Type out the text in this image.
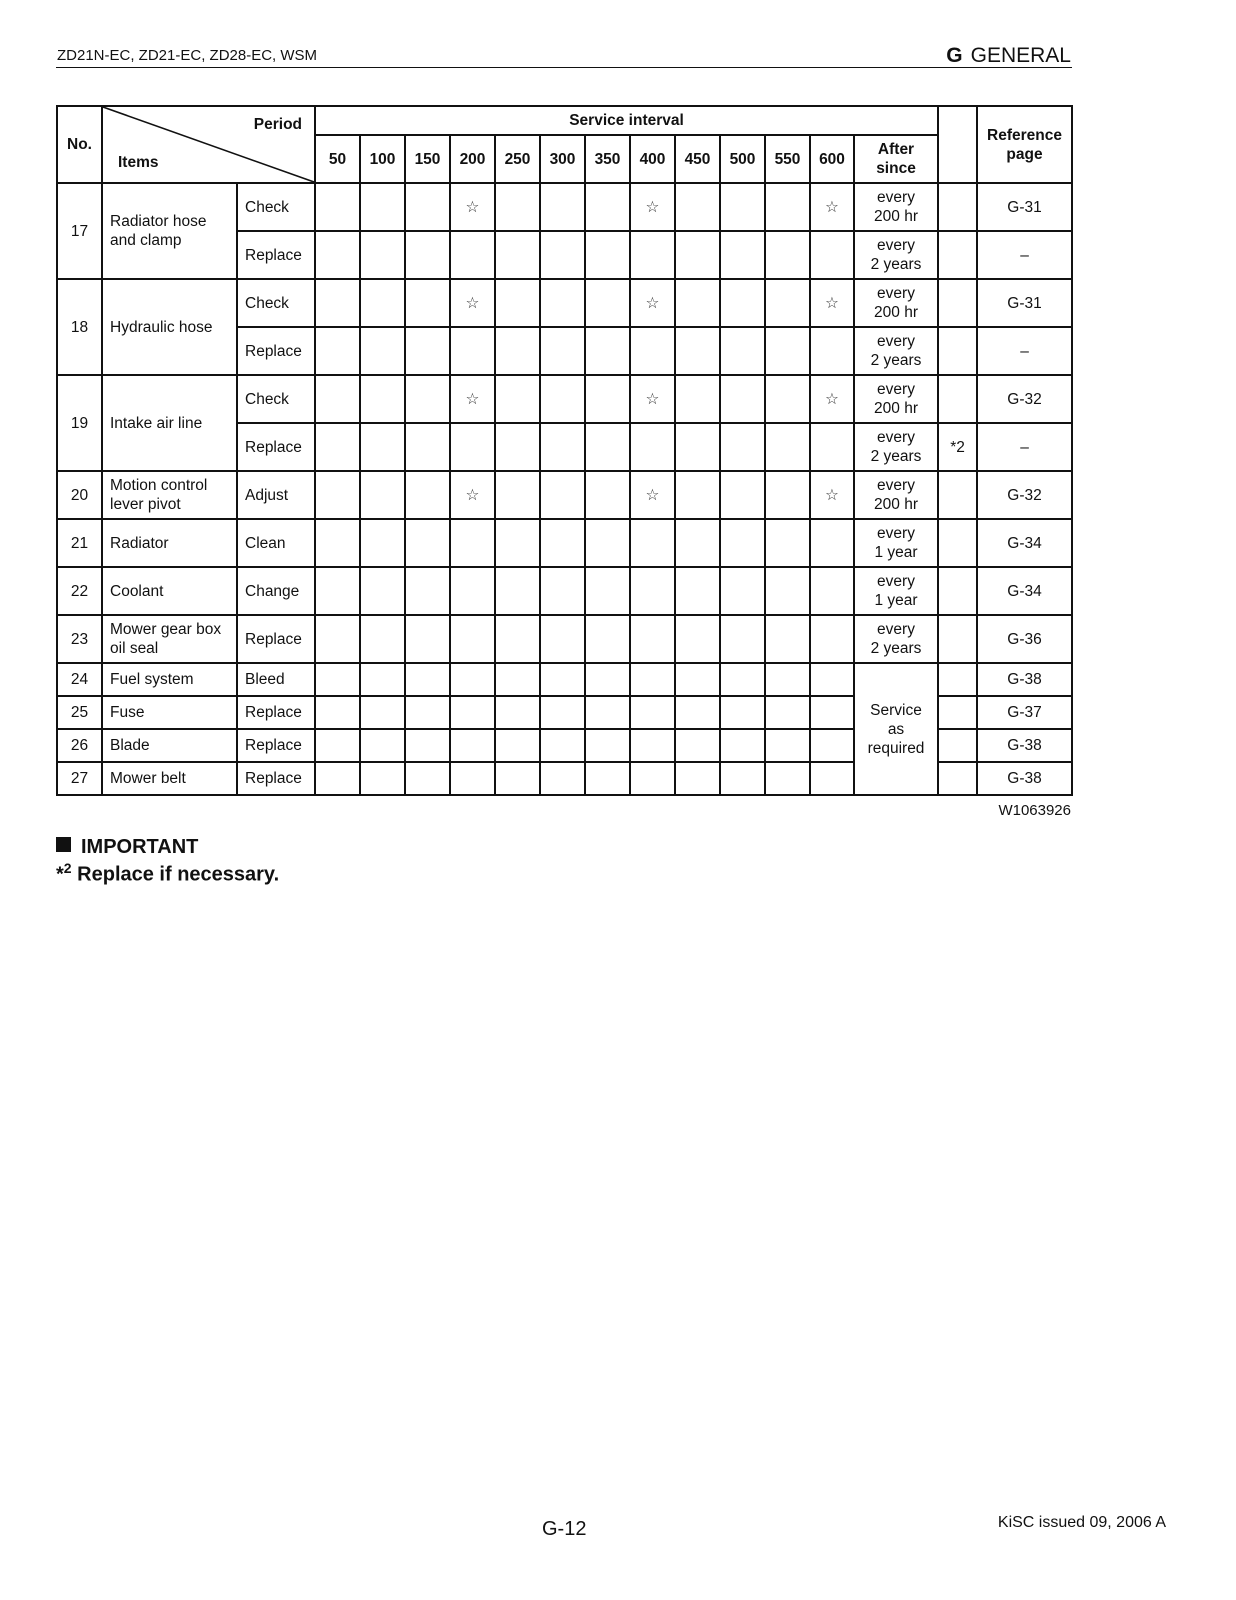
ZD21N-EC, ZD21-EC, ZD28-EC, WSM	G GENERAL
No.	Period
Items		Service interval														Reference
page
			50	100	150	200	250	300	350	400	450	500	550	600	After
since		
17	Radiator hose
and clamp	Check				☆				☆				☆	every
200 hr		G-31
		Replace													every
2 years		–
18	Hydraulic hose	Check				☆				☆				☆	every
200 hr		G-31
		Replace													every
2 years		–
19	Intake air line	Check				☆				☆				☆	every
200 hr		G-32
		Replace													every
2 years	*2	–
20	Motion control
lever pivot	Adjust				☆				☆				☆	every
200 hr		G-32
21	Radiator	Clean													every
1 year		G-34
22	Coolant	Change													every
1 year		G-34
23	Mower gear box
oil seal	Replace													every
2 years		G-36
24	Fuel system	Bleed													Service
as
required		G-38
25	Fuse	Replace															G-37
26	Blade	Replace															G-38
27	Mower belt	Replace															G-38
W1063926
IMPORTANT
*$^2$ Replace if necessary.
G-12	KiSC issued 09, 2006 A
